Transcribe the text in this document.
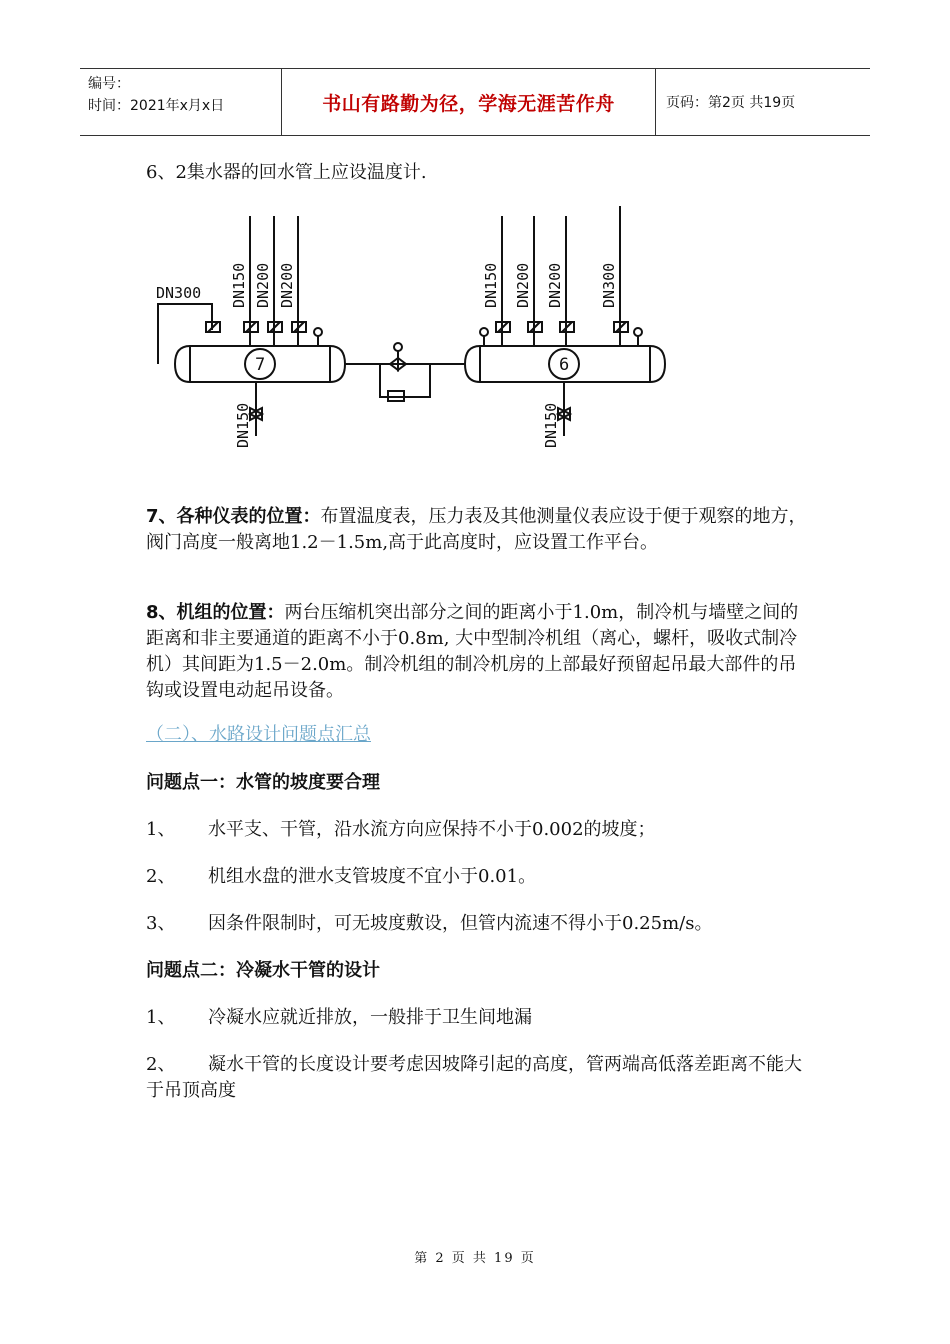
编号：
时间：2021年x月x日	书山有路勤为径，学海无涯苦作舟	页码：第2页 共19页

6、2集水器的回水管上应设温度计.

DN300 DN150 DN200 DN200
DN150
DN150 DN200 DN200 DN300
DN150
7	6

7、各种仪表的位置：布置温度表，压力表及其他测量仪表应设于便于观察的地方，阀门高度一般离地1.2－1.5m,高于此高度时，应设置工作平台。

8、机组的位置：两台压缩机突出部分之间的距离小于1.0m，制冷机与墙壁之间的距离和非主要通道的距离不小于0.8m, 大中型制冷机组（离心，螺杆，吸收式制冷机）其间距为1.5－2.0m。制冷机组的制冷机房的上部最好预留起吊最大部件的吊钩或设置电动起吊设备。

（二）、水路设计问题点汇总

问题点一：水管的坡度要合理

1、 水平支、干管，沿水流方向应保持不小于0.002的坡度；

2、 机组水盘的泄水支管坡度不宜小于0.01。

3、 因条件限制时，可无坡度敷设，但管内流速不得小于0.25m/s。

问题点二：冷凝水干管的设计

1、 冷凝水应就近排放，一般排于卫生间地漏

2、 凝水干管的长度设计要考虑因坡降引起的高度，管两端高低落差距离不能大于吊顶高度

第 2 页 共 19 页
